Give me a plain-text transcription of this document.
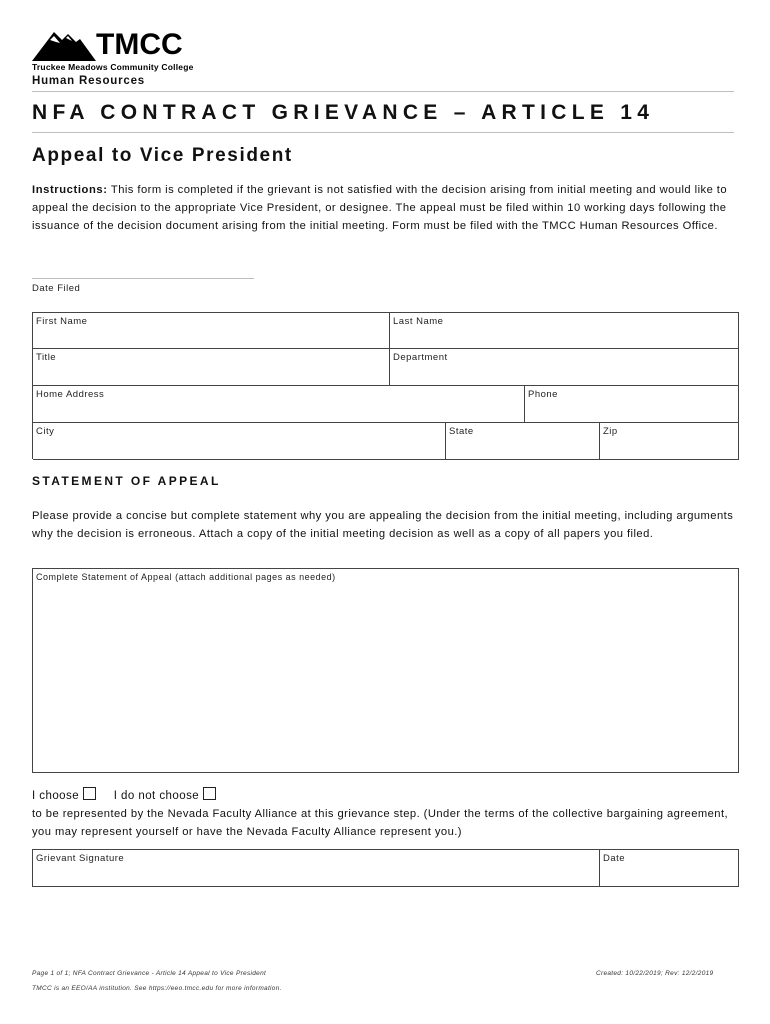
TMCC
Truckee Meadows Community College
Human Resources
NFA CONTRACT GRIEVANCE – ARTICLE 14
Appeal to Vice President
Instructions: This form is completed if the grievant is not satisfied with the decision arising from initial meeting and would like to appeal the decision to the appropriate Vice President, or designee. The appeal must be filed within 10 working days following the issuance of the decision document arising from the initial meeting. Form must be filed with the TMCC Human Resources Office.
Date Filed
First Name	Last Name
Title	Department
Home Address	Phone
City	State	Zip
STATEMENT OF APPEAL
Please provide a concise but complete statement why you are appealing the decision from the initial meeting, including arguments why the decision is erroneous. Attach a copy of the initial meeting decision as well as a copy of all papers you filed.
Complete Statement of Appeal (attach additional pages as needed)
I choose	I do not choose
to be represented by the Nevada Faculty Alliance at this grievance step. (Under the terms of the collective bargaining agreement, you may represent yourself or have the Nevada Faculty Alliance represent you.)
Grievant Signature	Date
Page 1 of 1; NFA Contract Grievance - Article 14 Appeal to Vice President
TMCC is an EEO/AA institution. See https://eeo.tmcc.edu for more information.
Created: 10/22/2019; Rev: 12/2/2019
